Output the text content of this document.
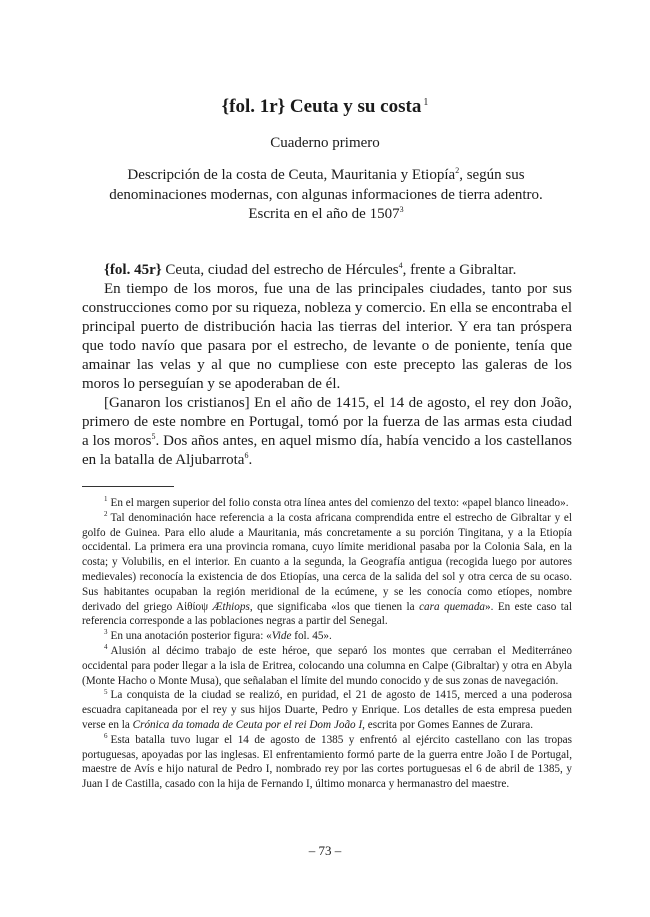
{fol. 1r} Ceuta y su costa $^1$
Cuaderno primero
Descripción de la costa de Ceuta, Mauritania y Etiopía$^2$, según sus denominaciones modernas, con algunas informaciones de tierra adentro.
Escrita en el año de 1507$^3$

{fol. 45r} Ceuta, ciudad del estrecho de Hércules$^4$, frente a Gibraltar.

En tiempo de los moros, fue una de las principales ciudades, tanto por sus construcciones como por su riqueza, nobleza y comercio. En ella se encontraba el principal puerto de distribución hacia las tierras del interior. Y era tan próspera que todo navío que pasara por el estrecho, de levante o de poniente, tenía que amainar las velas y al que no cumpliese con este precepto las galeras de los moros lo perseguían y se apoderaban de él.

[Ganaron los cristianos] En el año de 1415, el 14 de agosto, el rey don João, primero de este nombre en Portugal, tomó por la fuerza de las armas esta ciudad a los moros$^5$. Dos años antes, en aquel mismo día, había vencido a los castellanos en la batalla de Aljubarrota$^6$.

$^1$ En el margen superior del folio consta otra línea antes del comienzo del texto: «papel blanco lineado».

$^2$ Tal denominación hace referencia a la costa africana comprendida entre el estrecho de Gibraltar y el golfo de Guinea. Para ello alude a Mauritania, más concretamente a su porción Tingitana, y a la Etiopía occidental. La primera era una provincia romana, cuyo límite meridional pasaba por la Colonia Sala, en la costa; y Volubilis, en el interior. En cuanto a la segunda, la Geografía antigua (recogida luego por autores medievales) reconocía la existencia de dos Etiopías, una cerca de la salida del sol y otra cerca de su ocaso. Sus habitantes ocupaban la región meridional de la ecúmene, y se les conocía como etíopes, nombre derivado del griego Aἰθίοψ Æthiops, que significaba «los que tienen la cara quemada». En este caso tal referencia corresponde a las poblaciones negras a partir del Senegal.

$^3$ En una anotación posterior figura: «Vide fol. 45».

$^4$ Alusión al décimo trabajo de este héroe, que separó los montes que cerraban el Mediterráneo occidental para poder llegar a la isla de Eritrea, colocando una columna en Calpe (Gibraltar) y otra en Abyla (Monte Hacho o Monte Musa), que señalaban el límite del mundo conocido y de sus zonas de navegación.

$^5$ La conquista de la ciudad se realizó, en puridad, el 21 de agosto de 1415, merced a una poderosa escuadra capitaneada por el rey y sus hijos Duarte, Pedro y Enrique. Los detalles de esta empresa pueden verse en la Crónica da tomada de Ceuta por el rei Dom João I, escrita por Gomes Eannes de Zurara.

$^6$ Esta batalla tuvo lugar el 14 de agosto de 1385 y enfrentó al ejército castellano con las tropas portuguesas, apoyadas por las inglesas. El enfrentamiento formó parte de la guerra entre João I de Portugal, maestre de Avís e hijo natural de Pedro I, nombrado rey por las cortes portuguesas el 6 de abril de 1385, y Juan I de Castilla, casado con la hija de Fernando I, último monarca y hermanastro del maestre.

– 73 –
